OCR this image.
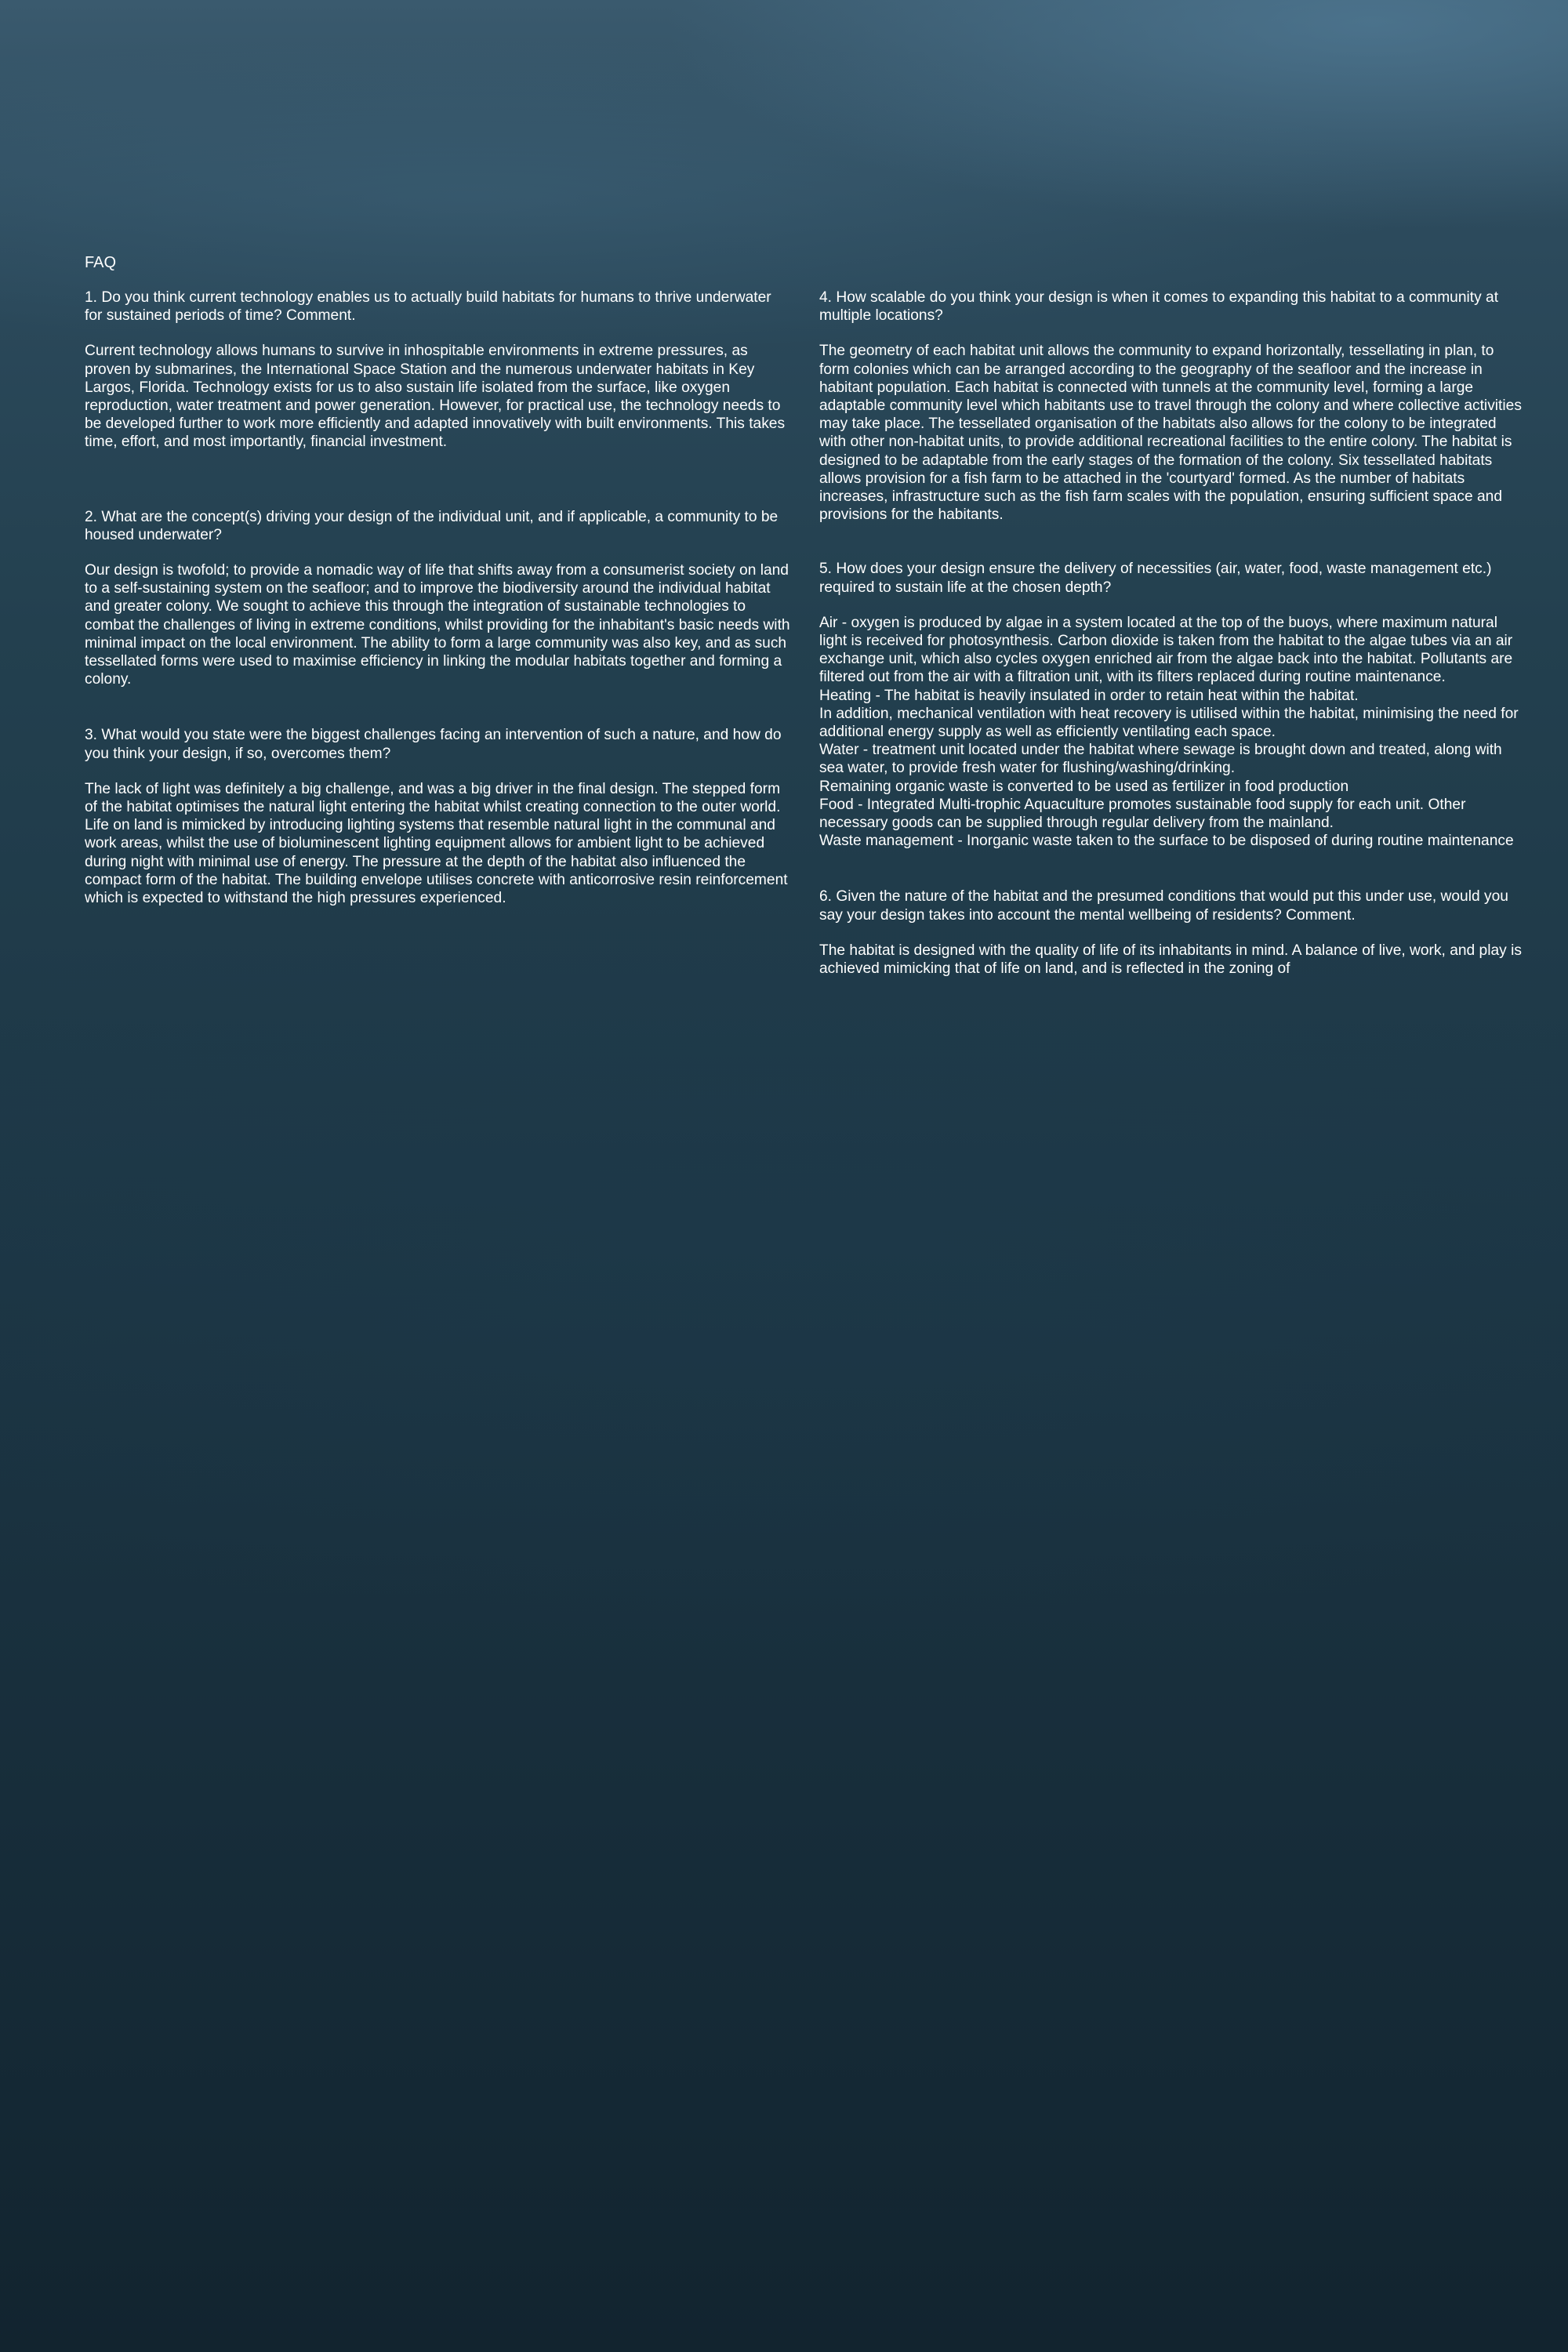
FAQ

1. Do you think current technology enables us to actually build habitats for humans to thrive underwater for sustained periods of time? Comment.

Current technology allows humans to survive in inhospitable environments in extreme pressures, as proven by submarines, the International Space Station and the numerous underwater habitats in Key Largos, Florida. Technology exists for us to also sustain life isolated from the surface, like oxygen reproduction, water treatment and power generation. However, for practical use, the technology needs to be developed further to work more efficiently and adapted innovatively with built environments. This takes time, effort, and most importantly, financial investment.

2. What are the concept(s) driving your design of the individual unit, and if applicable, a community to be housed underwater?

Our design is twofold; to provide a nomadic way of life that shifts away from a consumerist society on land to a self-sustaining system on the seafloor; and to improve the biodiversity around the individual habitat and greater colony. We sought to achieve this through the integration of sustainable technologies to combat the challenges of living in extreme conditions, whilst providing for the inhabitant's basic needs with minimal impact on the local environment. The ability to form a large community was also key, and as such tessellated forms were used to maximise efficiency in linking the modular habitats together and forming a colony.

3. What would you state were the biggest challenges facing an intervention of such a nature, and how do you think your design, if so, overcomes them?

The lack of light was definitely a big challenge, and was a big driver in the final design. The stepped form of the habitat optimises the natural light entering the habitat whilst creating connection to the outer world. Life on land is mimicked by introducing lighting systems that resemble natural light in the communal and work areas, whilst the use of bioluminescent lighting equipment allows for ambient light to be achieved during night with minimal use of energy. The pressure at the depth of the habitat also influenced the compact form of the habitat. The building envelope utilises concrete with anticorrosive resin reinforcement which is expected to withstand the high pressures experienced.

4. How scalable do you think your design is when it comes to expanding this habitat to a community at multiple locations?

The geometry of each habitat unit allows the community to expand horizontally, tessellating in plan, to form colonies which can be arranged according to the geography of the seafloor and the increase in habitant population. Each habitat is connected with tunnels at the community level, forming a large adaptable community level which habitants use to travel through the colony and where collective activities may take place. The tessellated organisation of the habitats also allows for the colony to be integrated with other non-habitat units, to provide additional recreational facilities to the entire colony. The habitat is designed to be adaptable from the early stages of the formation of the colony. Six tessellated habitats allows provision for a fish farm to be attached in the 'courtyard' formed. As the number of habitats increases, infrastructure such as the fish farm scales with the population, ensuring sufficient space and provisions for the habitants.

5. How does your design ensure the delivery of necessities (air, water, food, waste management etc.) required to sustain life at the chosen depth?

Air - oxygen is produced by algae in a system located at the top of the buoys, where maximum natural light is received for photosynthesis. Carbon dioxide is taken from the habitat to the algae tubes via an air exchange unit, which also cycles oxygen enriched air from the algae back into the habitat. Pollutants are filtered out from the air with a filtration unit, with its filters replaced during routine maintenance.
Heating - The habitat is heavily insulated in order to retain heat within the habitat.
In addition, mechanical ventilation with heat recovery is utilised within the habitat, minimising the need for additional energy supply as well as efficiently ventilating each space.
Water - treatment unit located under the habitat where sewage is brought down and treated, along with sea water, to provide fresh water for flushing/washing/drinking.
Remaining organic waste is converted to be used as fertilizer in food production
Food - Integrated Multi-trophic Aquaculture promotes sustainable food supply for each unit. Other necessary goods can be supplied through regular delivery from the mainland.
Waste management - Inorganic waste taken to the surface to be disposed of during routine maintenance

6. Given the nature of the habitat and the presumed conditions that would put this under use, would you say your design takes into account the mental wellbeing of residents? Comment.

The habitat is designed with the quality of life of its inhabitants in mind. A balance of live, work, and play is achieved mimicking that of life on land, and is reflected in the zoning of
